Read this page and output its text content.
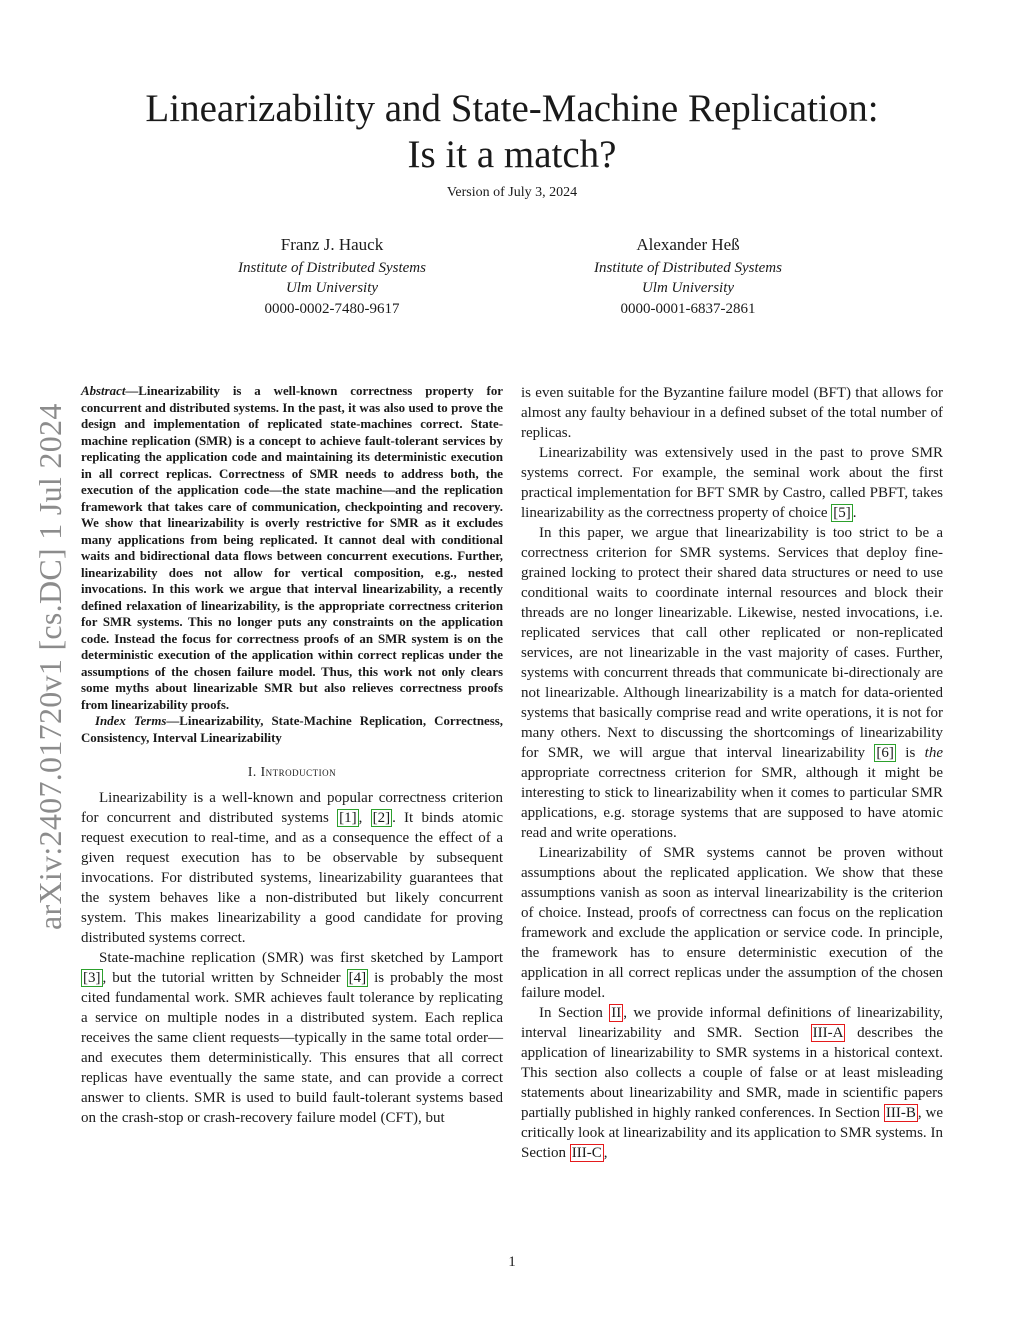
Linearizability and State-Machine Replication:
Is it a match?
Version of July 3, 2024
Franz J. Hauck
Institute of Distributed Systems
Ulm University
0000-0002-7480-9617
Alexander Heß
Institute of Distributed Systems
Ulm University
0000-0001-6837-2861
arXiv:2407.01720v1 [cs.DC] 1 Jul 2024

Abstract—Linearizability is a well-known correctness property for concurrent and distributed systems. In the past, it was also used to prove the design and implementation of replicated state-machines correct. State-machine replication (SMR) is a concept to achieve fault-tolerant services by replicating the application code and maintaining its deterministic execution in all correct replicas. Correctness of SMR needs to address both, the execution of the application code—the state machine—and the replication framework that takes care of communication, checkpointing and recovery. We show that linearizability is overly restrictive for SMR as it excludes many applications from being replicated. It cannot deal with conditional waits and bidirectional data flows between concurrent executions. Further, linearizability does not allow for vertical composition, e.g., nested invocations. In this work we argue that interval linearizability, a recently defined relaxation of linearizability, is the appropriate correctness criterion for SMR systems. This no longer puts any constraints on the application code. Instead the focus for correctness proofs of an SMR system is on the deterministic execution of the application within correct replicas under the assumptions of the chosen failure model. Thus, this work not only clears some myths about linearizable SMR but also relieves correctness proofs from linearizability proofs.

Index Terms—Linearizability, State-Machine Replication, Correctness, Consistency, Interval Linearizability

I. Introduction

Linearizability is a well-known and popular correctness criterion for concurrent and distributed systems [1] , [2] . It binds atomic request execution to real-time, and as a consequence the effect of a given request execution has to be observable by subsequent invocations. For distributed systems, linearizability guarantees that the system behaves like a non-distributed but likely concurrent system. This makes linearizability a good candidate for proving distributed systems correct.

State-machine replication (SMR) was first sketched by Lamport [3] , but the tutorial written by Schneider [4] is probably the most cited fundamental work. SMR achieves fault tolerance by replicating a service on multiple nodes in a distributed system. Each replica receives the same client requests—typically in the same total order—and executes them deterministically. This ensures that all correct replicas have eventually the same state, and can provide a correct answer to clients. SMR is used to build fault-tolerant systems based on the crash-stop or crash-recovery failure model (CFT), but

is even suitable for the Byzantine failure model (BFT) that allows for almost any faulty behaviour in a defined subset of the total number of replicas.

Linearizability was extensively used in the past to prove SMR systems correct. For example, the seminal work about the first practical implementation for BFT SMR by Castro, called PBFT, takes linearizability as the correctness property of choice [5] .

In this paper, we argue that linearizability is too strict to be a correctness criterion for SMR systems. Services that deploy fine-grained locking to protect their shared data structures or need to use conditional waits to coordinate internal resources and block their threads are no longer linearizable. Likewise, nested invocations, i.e. replicated services that call other replicated or non-replicated services, are not linearizable in the vast majority of cases. Further, systems with concurrent threads that communicate bi-directionaly are not linearizable. Although linearizability is a match for data-oriented systems that basically comprise read and write operations, it is not for many others. Next to discussing the shortcomings of linearizability for SMR, we will argue that interval linearizability [6] is the appropriate correctness criterion for SMR, although it might be interesting to stick to linearizability when it comes to particular SMR applications, e.g. storage systems that are supposed to have atomic read and write operations.

Linearizability of SMR systems cannot be proven without assumptions about the replicated application. We show that these assumptions vanish as soon as interval linearizability is the criterion of choice. Instead, proofs of correctness can focus on the replication framework and exclude the application or service code. In principle, the framework has to ensure deterministic execution of the application in all correct replicas under the assumption of the chosen failure model.

In Section II , we provide informal definitions of linearizability, interval linearizability and SMR. Section III-A describes the application of linearizability to SMR systems in a historical context. This section also collects a couple of false or at least misleading statements about linearizability and SMR, made in scientific papers partially published in highly ranked conferences. In Section III-B , we critically look at linearizability and its application to SMR systems. In Section III-C ,

1
